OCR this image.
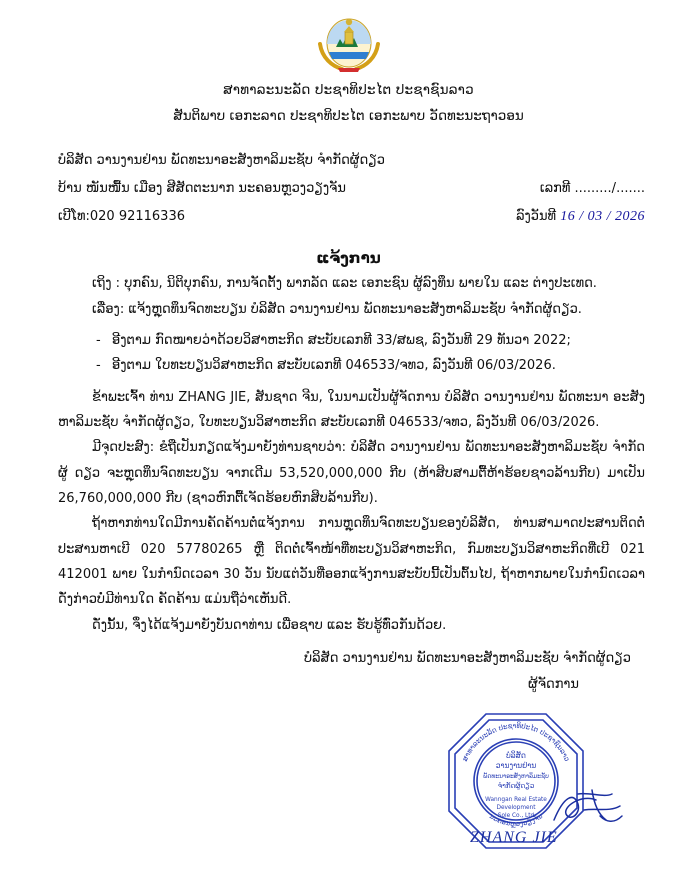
ສາທາລະນະລັດ ປະຊາທິປະໄຕ ປະຊາຊົນລາວ
ສັນຕິພາບ ເອກະລາດ ປະຊາທິປະໄຕ ເອກະພາບ ວັດທະນະຖາວອນ
ບໍລິສັດ ວານງານຢ່ານ ພັດທະນາອະສັງຫາລິມະຊັບ ຈຳກັດຜູ້ດຽວ
ບ້ານ ໜັນໜື້ນ ເມືອງ ສີສັດຕະນາກ ນະຄອນຫຼວງວຽງຈັນ	ເລກທີ ........./.......
ເບີໂທ:020 92116336	ລົງວັນທີ 16 / 03 / 2026
ແຈ້ງການ
ເຖິງ : ບຸກຄົນ, ນິຕິບຸກຄົນ, ການຈັດຕັ້ງ ພາກລັດ ແລະ ເອກະຊົນ ຜູ້ລົງທຶນ ພາຍໃນ ແລະ ຕ່າງປະເທດ.
ເລື່ອງ: ແຈ້ງຫຼຸດທຶນຈົດທະບຽນ ບໍລິສັດ ວານງານຢ່ານ ພັດທະນາອະສັງຫາລິມະຊັບ ຈຳກັດຜູ້ດຽວ.
- ອີງຕາມ ກົດໝາຍວ່າດ້ວຍວິສາຫະກິດ ສະບັບເລກທີ 33/ສພຊ, ລົງວັນທີ 29 ທັນວາ 2022;
- ອີງຕາມ ໃບທະບຽນວິສາຫະກິດ ສະບັບເລກທີ 046533/ຈທວ, ລົງວັນທີ 06/03/2026.
ຂ້າພະເຈົ້າ ທ່ານ ZHANG JIE, ສັນຊາດ ຈີນ, ໃນນາມເປັນຜູ້ຈັດການ ບໍລິສັດ ວານງານຢ່ານ ພັດທະນາ ອະສັງຫາລິມະຊັບ ຈຳກັດຜູ້ດຽວ, ໃບທະບຽນວິສາຫະກິດ ສະບັບເລກທີ 046533/ຈທວ, ລົງວັນທີ 06/03/2026.
ມີຈຸດປະສົງ: ຂໍຖືເປັນກຽດແຈ້ງມາຍັງທ່ານຊາບວ່າ: ບໍລິສັດ ວານງານຢ່ານ ພັດທະນາອະສັງຫາລິມະຊັບ ຈຳກັດຜູ້ ດຽວ ຈະຫຼຸດທຶນຈົດທະບຽນ ຈາກເດີມ 53,520,000,000 ກີບ (ຫ້າສິບສາມຕື້ຫ້າຮ້ອຍຊາວລ້ານກີບ) ມາເປັນ 26,760,000,000 ກີບ (ຊາວຫົກຕື້ເຈັດຮ້ອຍຫົກສິບລ້ານກີບ).
ຖ້າຫາກທ່ານໃດມີການຄັດຄ້ານຕໍ່ແຈ້ງການ ການຫຼຸດທຶນຈົດທະບຽນຂອງບໍລິສັດ, ທ່ານສາມາດປະສານຕິດຕໍ່ ປະສານຫາເບີ 020 57780265 ຫຼື ຕິດຕໍ່ເຈົ້າໜ້າທີ່ທະບຽນວິສາຫະກິດ, ກົມທະບຽນວິສາຫະກິດທີ່ເບີ 021 412001 ພາຍ ໃນກຳນົດເວລາ 30 ວັນ ນັບແຕ່ວັນທີ່ອອກແຈ້ງການສະບັບນີ້ເປັນຕົ້ນໄປ, ຖ້າຫາກພາຍໃນກຳນົດເວລາດັ່ງກ່າວບໍ່ມີທ່ານໃດ ຄັດຄ້ານ ແມ່ນຖືວ່າເຫັນດີ.
ດັ່ງນັ້ນ, ຈຶ່ງໄດ້ແຈ້ງມາຍັງບັນດາທ່ານ ເພື່ອຊາບ ແລະ ຮັບຮູ້ທົ່ວກັນດ້ວຍ.
ບໍລິສັດ ວານງານຢ່ານ ພັດທະນາອະສັງຫາລິມະຊັບ ຈຳກັດຜູ້ດຽວ
ຜູ້ຈັດການ
ສາທາລະນະລັດ ປະຊາທິປະໄຕ ປະຊາຊົນລາວ
ນະຄອນຫຼວງວຽງຈັນ
ບໍລິສັດ
ວານງານຢ່ານ
ພັດທະນາອະສັງຫາລິມະຊັບ
ຈຳກັດຜູ້ດຽວ
Wanngan Real Estate
Development
Sole Co., Ltd
ZHANG JIE
